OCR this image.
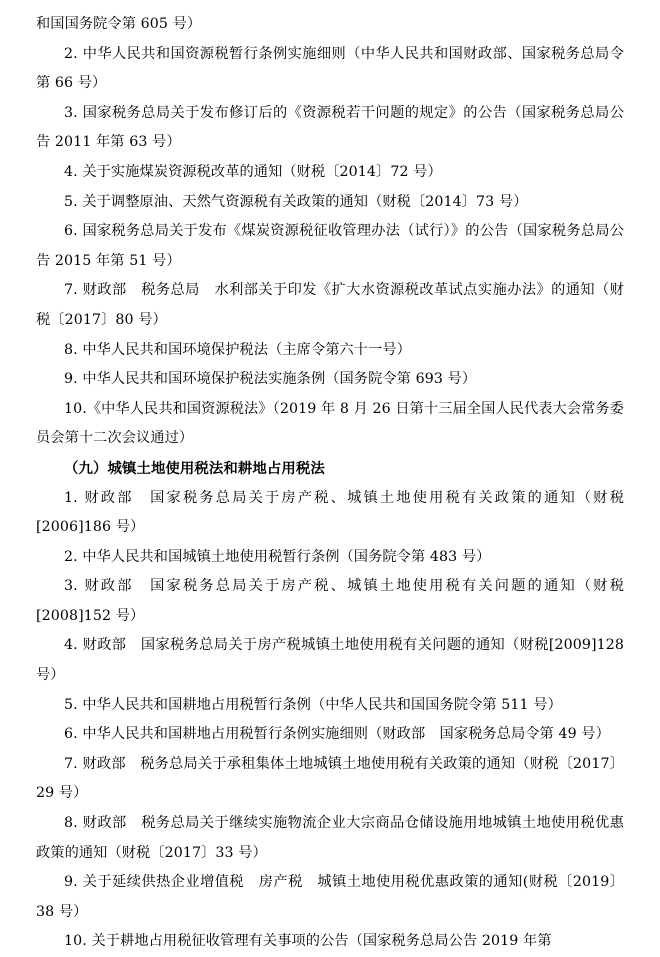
和国国务院令第 605 号）

2. 中华人民共和国资源税暂行条例实施细则（中华人民共和国财政部、国家税务总局令第 66 号）

3. 国家税务总局关于发布修订后的《资源税若干问题的规定》的公告（国家税务总局公告 2011 年第 63 号）

4. 关于实施煤炭资源税改革的通知（财税〔2014〕72 号）

5. 关于调整原油、天然气资源税有关政策的通知（财税〔2014〕73 号）

6. 国家税务总局关于发布《煤炭资源税征收管理办法（试行）》的公告（国家税务总局公告 2015 年第 51 号）

7. 财政部　税务总局　水利部关于印发《扩大水资源税改革试点实施办法》的通知（财税〔2017〕80 号）

8. 中华人民共和国环境保护税法（主席令第六十一号）

9. 中华人民共和国环境保护税法实施条例（国务院令第 693 号）

10.《中华人民共和国资源税法》（2019 年 8 月 26 日第十三届全国人民代表大会常务委员会第十二次会议通过）

（九）城镇土地使用税法和耕地占用税法

1. 财政部　国家税务总局关于房产税、城镇土地使用税有关政策的通知（财税[2006]186 号）

2. 中华人民共和国城镇土地使用税暂行条例（国务院令第 483 号）

3. 财政部　国家税务总局关于房产税、城镇土地使用税有关问题的通知（财税[2008]152 号）

4. 财政部　国家税务总局关于房产税城镇土地使用税有关问题的通知（财税[2009]128 号）

5. 中华人民共和国耕地占用税暂行条例（中华人民共和国国务院令第 511 号）

6. 中华人民共和国耕地占用税暂行条例实施细则（财政部　国家税务总局令第 49 号）

7. 财政部　税务总局关于承租集体土地城镇土地使用税有关政策的通知（财税〔2017〕29 号）

8. 财政部　税务总局关于继续实施物流企业大宗商品仓储设施用地城镇土地使用税优惠政策的通知（财税〔2017〕33 号）

9. 关于延续供热企业增值税　房产税　城镇土地使用税优惠政策的通知(财税〔2019〕38 号）

10. 关于耕地占用税征收管理有关事项的公告（国家税务总局公告 2019 年第
